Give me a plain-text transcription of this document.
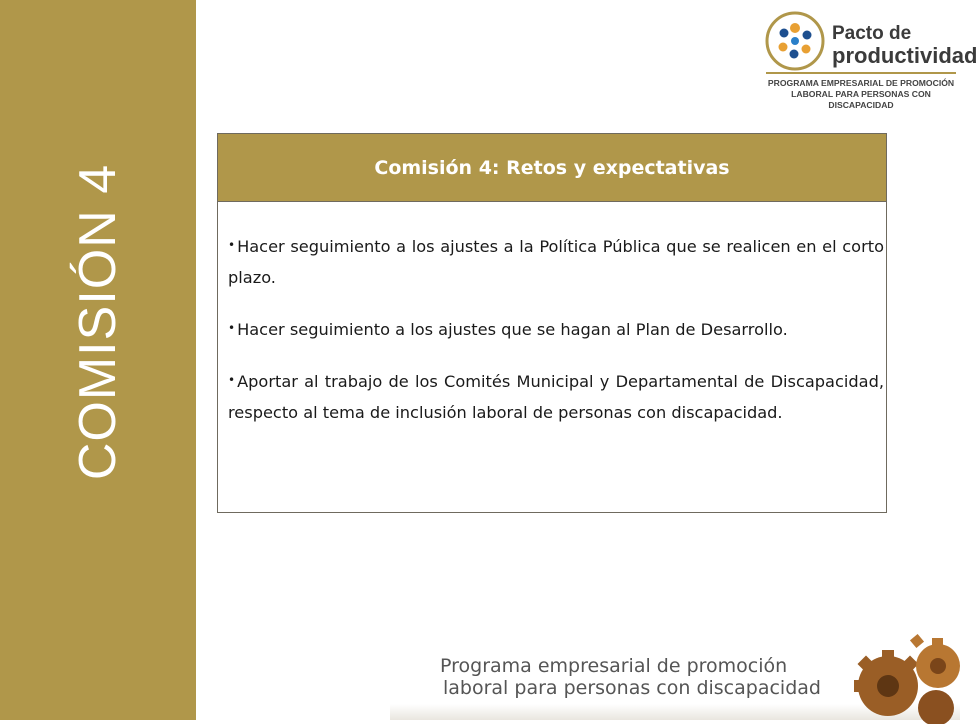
COMISIÓN 4
Pacto de
productividad
PROGRAMA EMPRESARIAL DE PROMOCIÓN
LABORAL PARA PERSONAS CON DISCAPACIDAD
Comisión 4: Retos y expectativas

• Hacer seguimiento a los ajustes a la Política Pública que se realicen en el corto plazo.

• Hacer seguimiento a los ajustes que se hagan al Plan de Desarrollo.

• Aportar al trabajo de los Comités Municipal y Departamental de Discapacidad, respecto al tema de inclusión laboral de personas con discapacidad.

Programa empresarial de promoción
laboral para personas con discapacidad
